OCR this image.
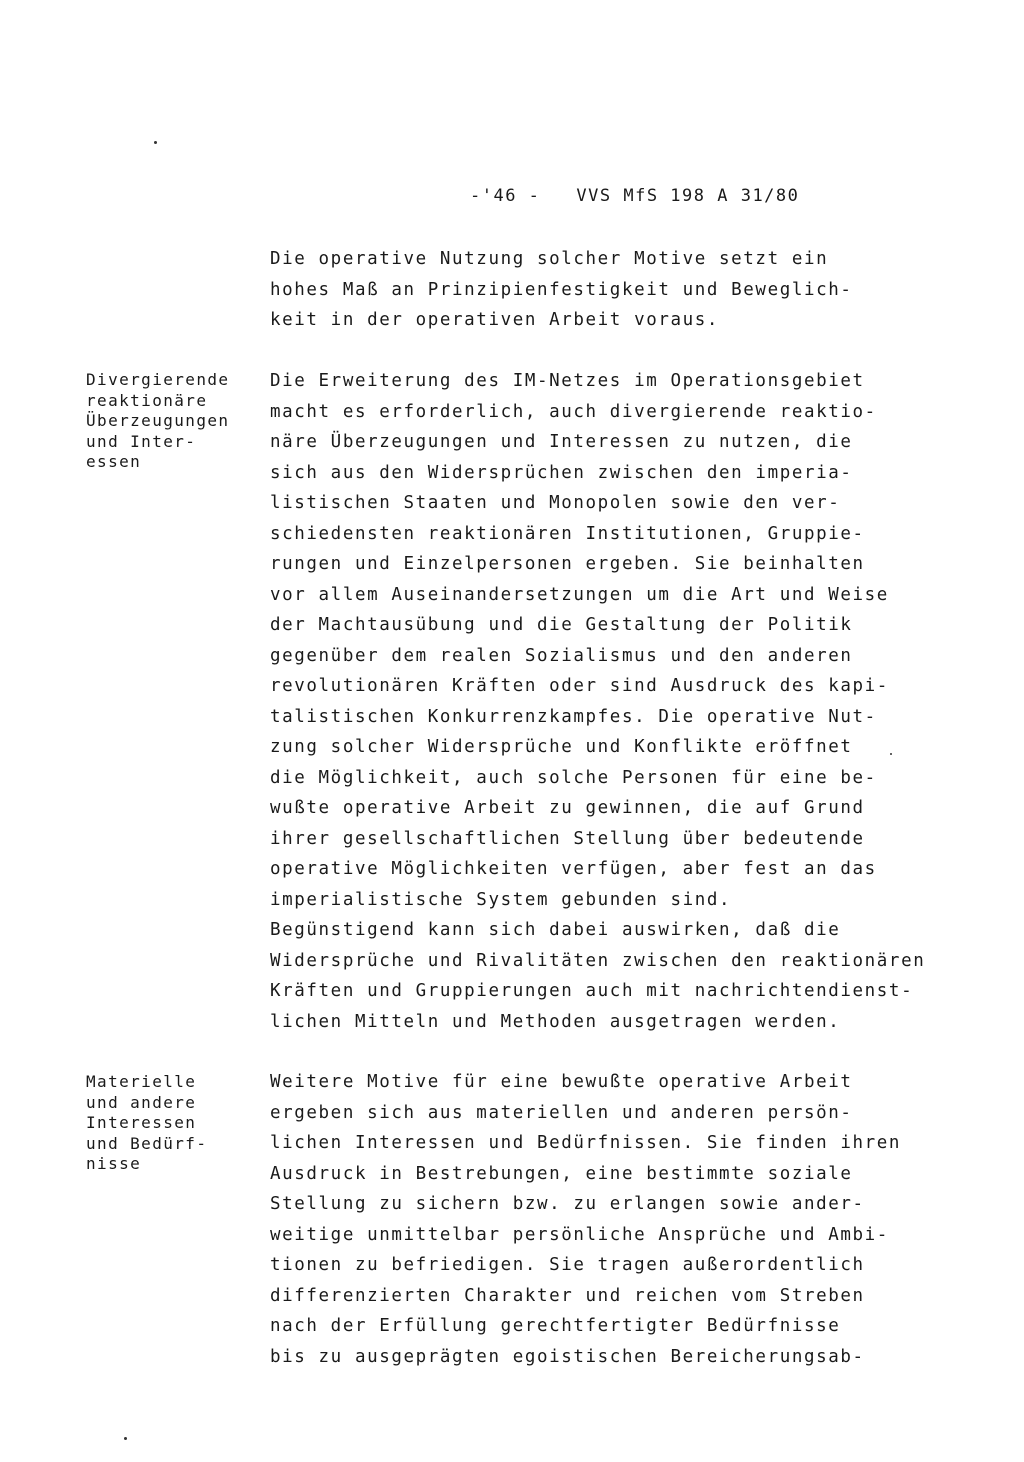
-'46 - VVS MfS 198 A 31/80
Die operative Nutzung solcher Motive setzt ein
hohes Maß an Prinzipienfestigkeit und Beweglich-
keit in der operativen Arbeit voraus.
Divergierende
reaktionäre
Überzeugungen
und Inter-
essen
Die Erweiterung des IM-Netzes im Operationsgebiet
macht es erforderlich, auch divergierende reaktio-
näre Überzeugungen und Interessen zu nutzen, die
sich aus den Widersprüchen zwischen den imperia-
listischen Staaten und Monopolen sowie den ver-
schiedensten reaktionären Institutionen, Gruppie-
rungen und Einzelpersonen ergeben. Sie beinhalten
vor allem Auseinandersetzungen um die Art und Weise
der Machtausübung und die Gestaltung der Politik
gegenüber dem realen Sozialismus und den anderen
revolutionären Kräften oder sind Ausdruck des kapi-
talistischen Konkurrenzkampfes. Die operative Nut-
zung solcher Widersprüche und Konflikte eröffnet
die Möglichkeit, auch solche Personen für eine be-
wußte operative Arbeit zu gewinnen, die auf Grund
ihrer gesellschaftlichen Stellung über bedeutende
operative Möglichkeiten verfügen, aber fest an das
imperialistische System gebunden sind.
Begünstigend kann sich dabei auswirken, daß die
Widersprüche und Rivalitäten zwischen den reaktionären
Kräften und Gruppierungen auch mit nachrichtendienst-
lichen Mitteln und Methoden ausgetragen werden.
Materielle
und andere
Interessen
und Bedürf-
nisse
Weitere Motive für eine bewußte operative Arbeit
ergeben sich aus materiellen und anderen persön-
lichen Interessen und Bedürfnissen. Sie finden ihren
Ausdruck in Bestrebungen, eine bestimmte soziale
Stellung zu sichern bzw. zu erlangen sowie ander-
weitige unmittelbar persönliche Ansprüche und Ambi-
tionen zu befriedigen. Sie tragen außerordentlich
differenzierten Charakter und reichen vom Streben
nach der Erfüllung gerechtfertigter Bedürfnisse
bis zu ausgeprägten egoistischen Bereicherungsab-
